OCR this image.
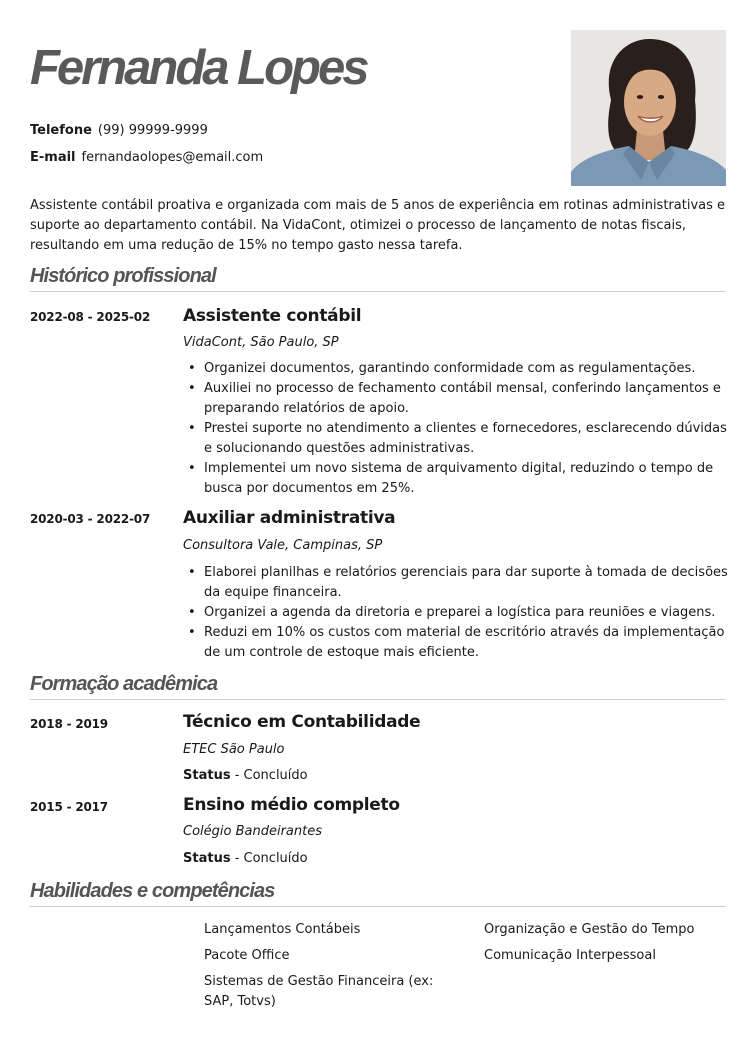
Fernanda Lopes
Telefone (99) 99999-9999
E-mail fernandaolopes@email.com
Assistente contábil proativa e organizada com mais de 5 anos de experiência em rotinas administrativas e suporte ao departamento contábil. Na VidaCont, otimizei o processo de lançamento de notas fiscais, resultando em uma redução de 15% no tempo gasto nessa tarefa.
Histórico profissional
2022-08 - 2025-02 Assistente contábil
VidaCont, São Paulo, SP
• Organizei documentos, garantindo conformidade com as regulamentações.
• Auxiliei no processo de fechamento contábil mensal, conferindo lançamentos e preparando relatórios de apoio.
• Prestei suporte no atendimento a clientes e fornecedores, esclarecendo dúvidas e solucionando questões administrativas.
• Implementei um novo sistema de arquivamento digital, reduzindo o tempo de busca por documentos em 25%.
2020-03 - 2022-07 Auxiliar administrativa
Consultora Vale, Campinas, SP
• Elaborei planilhas e relatórios gerenciais para dar suporte à tomada de decisões da equipe financeira.
• Organizei a agenda da diretoria e preparei a logística para reuniões e viagens.
• Reduzi em 10% os custos com material de escritório através da implementação de um controle de estoque mais eficiente.
Formação acadêmica
2018 - 2019	Técnico em Contabilidade
ETEC São Paulo
Status - Concluído
2015 - 2017	Ensino médio completo
Colégio Bandeirantes
Status - Concluído
Habilidades e competências
Lançamentos Contábeis
Pacote Office
Sistemas de Gestão Financeira (ex: SAP, Totvs)
Organização e Gestão do Tempo
Comunicação Interpessoal
